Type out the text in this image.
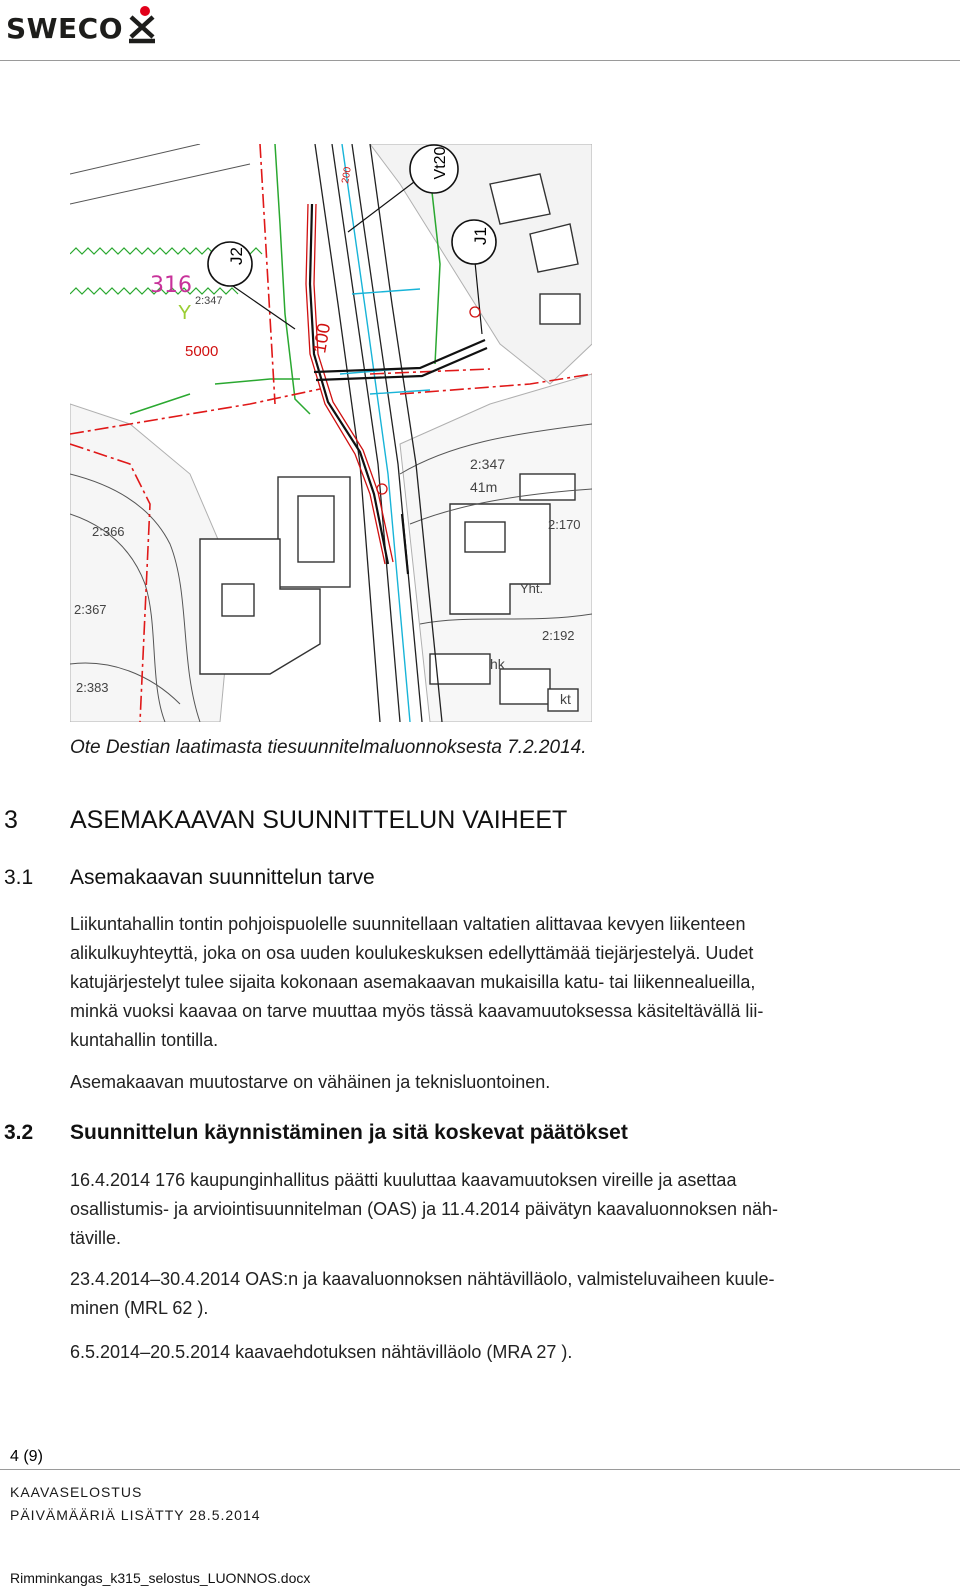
SWECO
J2
Vt20
J1
316
5000	100
200
Y
2:347
2:347
41m
2:170
2:366
2:367
2:383
2:192
Yht.
hk
kt
Ote Destian laatimasta tiesuunnitelmaluonnoksesta 7.2.2014.
3 ASEMAKAAVAN SUUNNITTELUN VAIHEET
3.1 Asemakaavan suunnittelun tarve
Liikuntahallin tontin pohjoispuolelle suunnitellaan valtatien alittavaa kevyen liikenteen
alikulkuyhteyttä, joka on osa uuden koulukeskuksen edellyttämää tiejärjestelyä. Uudet
katujärjestelyt tulee sijaita kokonaan asemakaavan mukaisilla katu- tai liikennealueilla,
minkä vuoksi kaavaa on tarve muuttaa myös tässä kaavamuutoksessa käsiteltävällä lii-
kuntahallin tontilla.
Asemakaavan muutostarve on vähäinen ja teknisluontoinen.
3.2 Suunnittelun käynnistäminen ja sitä koskevat päätökset
16.4.2014 176 kaupunginhallitus päätti kuuluttaa kaavamuutoksen vireille ja asettaa
osallistumis- ja arviointisuunnitelman (OAS) ja 11.4.2014 päivätyn kaavaluonnoksen näh-
täville.
23.4.2014–30.4.2014 OAS:n ja kaavaluonnoksen nähtävilläolo, valmisteluvaiheen kuule-
minen (MRL 62 ).
6.5.2014–20.5.2014 kaavaehdotuksen nähtävilläolo (MRA 27 ).
4 (9)
KAAVASELOSTUS
PÄIVÄMÄÄRIÄ LISÄTTY 28.5.2014
Rimminkangas_k315_selostus_LUONNOS.docx
